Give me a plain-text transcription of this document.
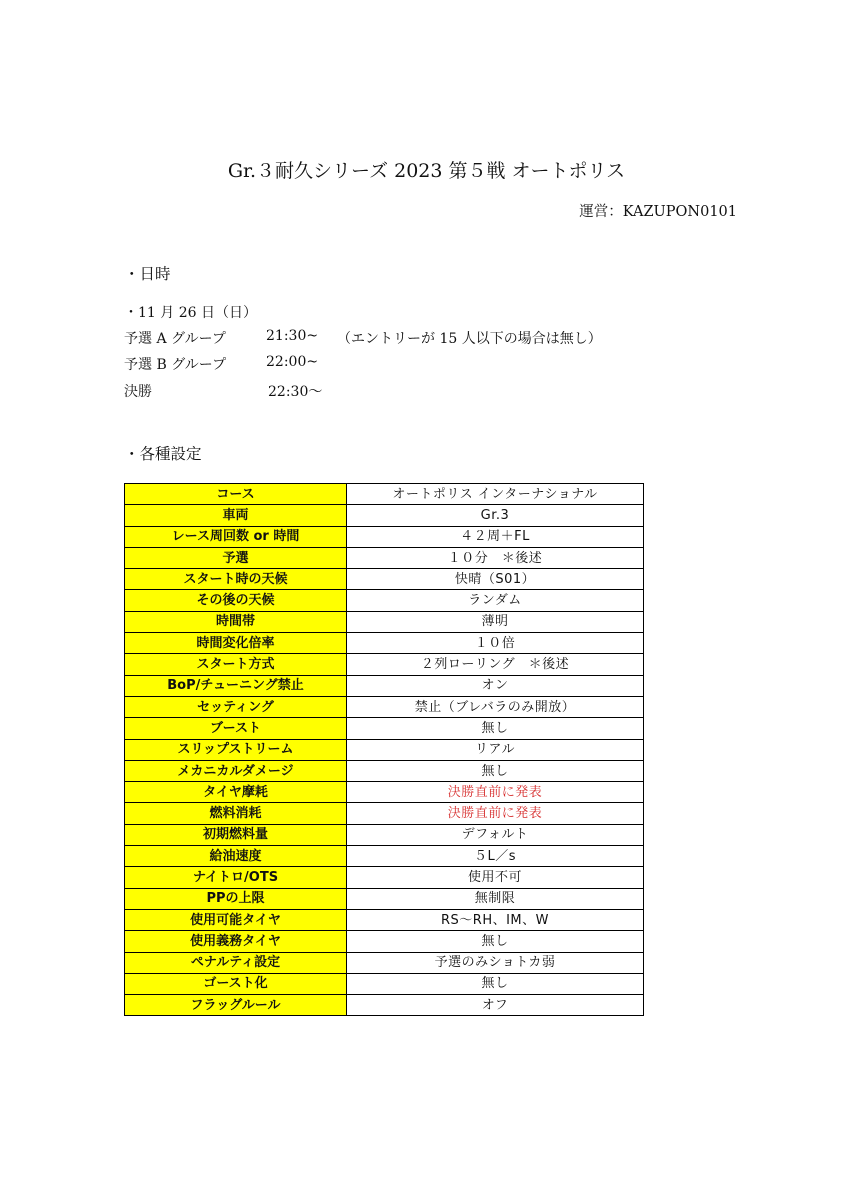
Gr.３耐久シリーズ 2023 第５戦 オートポリス
運営：KAZUPON0101
・日時
・11 月 26 日（日）
予選 A グループ	21:30~ （エントリーが 15 人以下の場合は無し）
予選 B グループ	22:00~
決勝	22:30～
・各種設定
コース	オートポリス インターナショナル
車両	Gr.3
レース周回数 or 時間	４２周＋FL
予選	１０分　＊後述
スタート時の天候	快晴（S01）
その後の天候	ランダム
時間帯	薄明
時間変化倍率	１０倍
スタート方式	２列ローリング　＊後述
BoP/チューニング禁止	オン
セッティング	禁止（ブレバラのみ開放）
ブースト	無し
スリップストリーム	リアル
メカニカルダメージ	無し
タイヤ摩耗	決勝直前に発表
燃料消耗	決勝直前に発表
初期燃料量	デフォルト
給油速度	５L／s
ナイトロ/OTS	使用不可
PPの上限	無制限
使用可能タイヤ	RS～RH、IM、W
使用義務タイヤ	無し
ペナルティ設定	予選のみショトカ弱
ゴースト化	無し
フラッグルール	オフ
